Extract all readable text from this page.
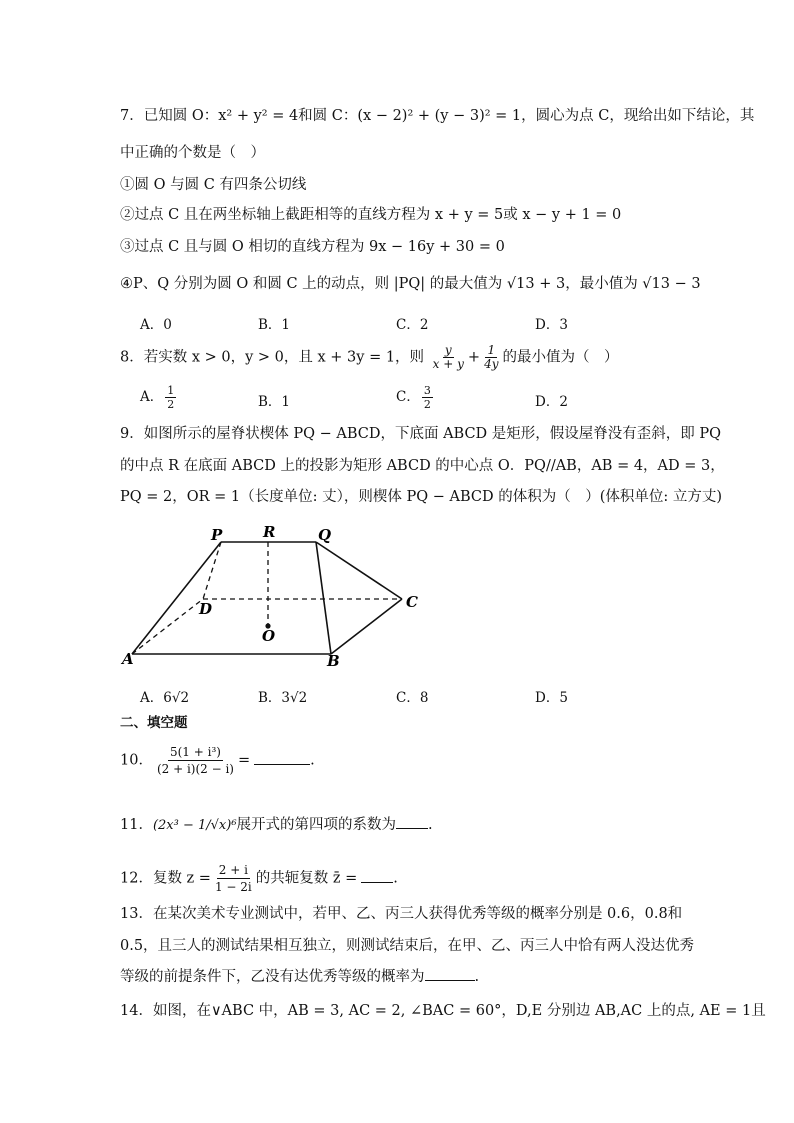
7．已知圆 O：x² + y² = 4和圆 C：(x − 2)² + (y − 3)² = 1，圆心为点 C，现给出如下结论，其
中正确的个数是（　）
①圆 O 与圆 C 有四条公切线
②过点 C 且在两坐标轴上截距相等的直线方程为 x + y = 5或 x − y + 1 = 0
③过点 C 且与圆 O 相切的直线方程为 9x − 16y + 30 = 0
④P、Q 分别为圆 O 和圆 C 上的动点，则 |PQ| 的最大值为 √13 + 3，最小值为 √13 − 3
A．0	B．1	C．2	D．3
8．若实数 x > 0，y > 0，且 x + 3y = 1，则 $\frac{y}{x + y} + \frac{1}{4y}$ 的最小值为（　）
A． $\frac{1}{2}$	B．1	C． $\frac{3}{2}$	D．2
9．如图所示的屋脊状楔体 PQ − ABCD，下底面 ABCD 是矩形，假设屋脊没有歪斜，即 PQ
的中点 R 在底面 ABCD 上的投影为矩形 ABCD 的中心点 O．PQ//AB，AB = 4，AD = 3，
PQ = 2，OR = 1（长度单位: 丈），则楔体 PQ − ABCD 的体积为（　）(体积单位: 立方丈)
P	R	Q
D	C
O
A	B
A．6√2	B．3√2	C．8	D．5
二、填空题
10． $\frac{\text{5(1 + i³)}}{(2 + i)(2 - i)}$ =	.
11．(2x³ − 1/√x)⁶展开式的第四项的系数为 .
12．复数 $z = \frac{2 + i}{1 - 2i}$ 的共轭复数 z̄ = .
13．在某次美术专业测试中，若甲、乙、丙三人获得优秀等级的概率分别是 0.6，0.8和
0.5，且三人的测试结果相互独立，则测试结束后，在甲、乙、丙三人中恰有两人没达优秀
等级的前提条件下，乙没有达优秀等级的概率为	.
14．如图，在∨ABC 中，AB = 3, AC = 2, ∠BAC = 60°，D,E 分别边 AB,AC 上的点, AE = 1且
